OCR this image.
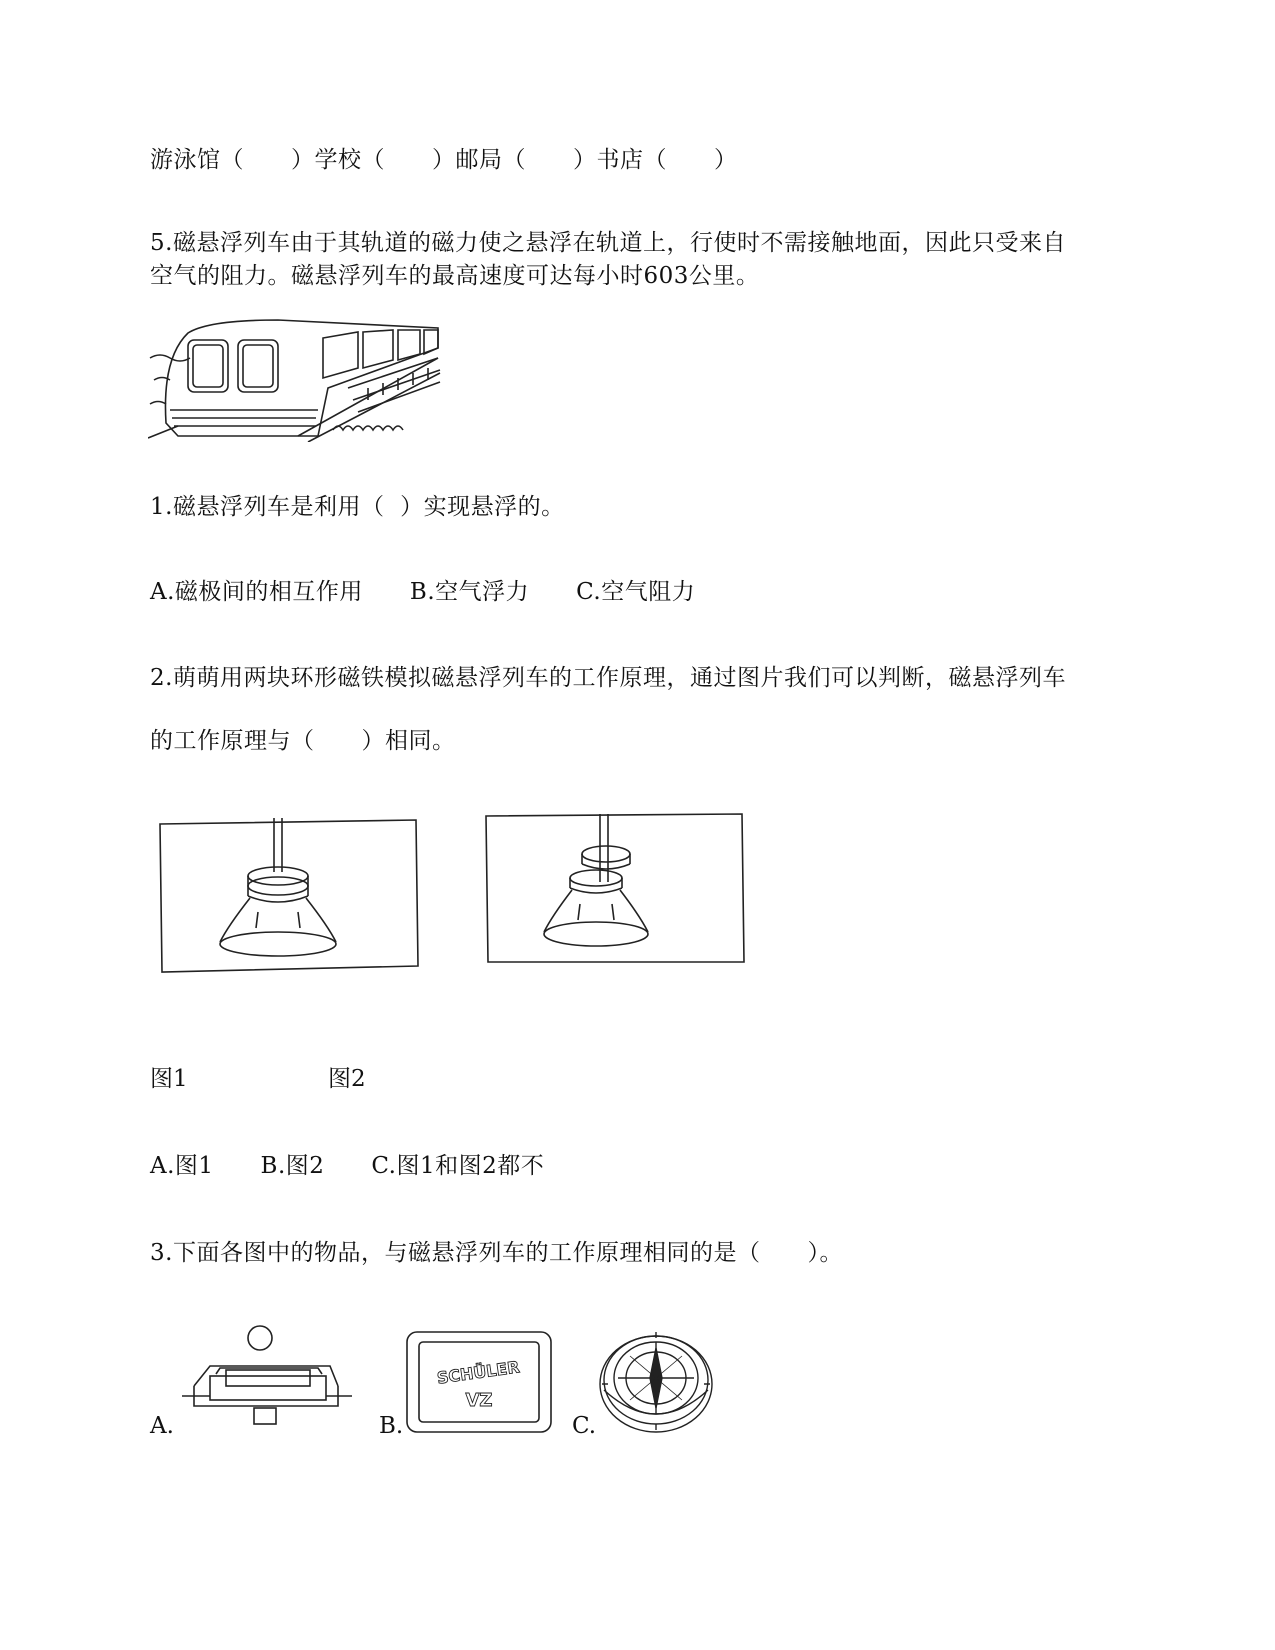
游泳馆（　　）学校（　　）邮局（　　）书店（　　）
5.磁悬浮列车由于其轨道的磁力使之悬浮在轨道上，行使时不需接触地面，因此只受来自
空气的阻力。磁悬浮列车的最高速度可达每小时603公里。
1.磁悬浮列车是利用（  ）实现悬浮的。
A.磁极间的相互作用　　B.空气浮力　　C.空气阻力
2.萌萌用两块环形磁铁模拟磁悬浮列车的工作原理，通过图片我们可以判断，磁悬浮列车
的工作原理与（　　）相同。
图1	图2
A.图1　　B.图2　　C.图1和图2都不
3.下面各图中的物品，与磁悬浮列车的工作原理相同的是（　　）。
A.	B.
SCHÜLER
VZ
C.
